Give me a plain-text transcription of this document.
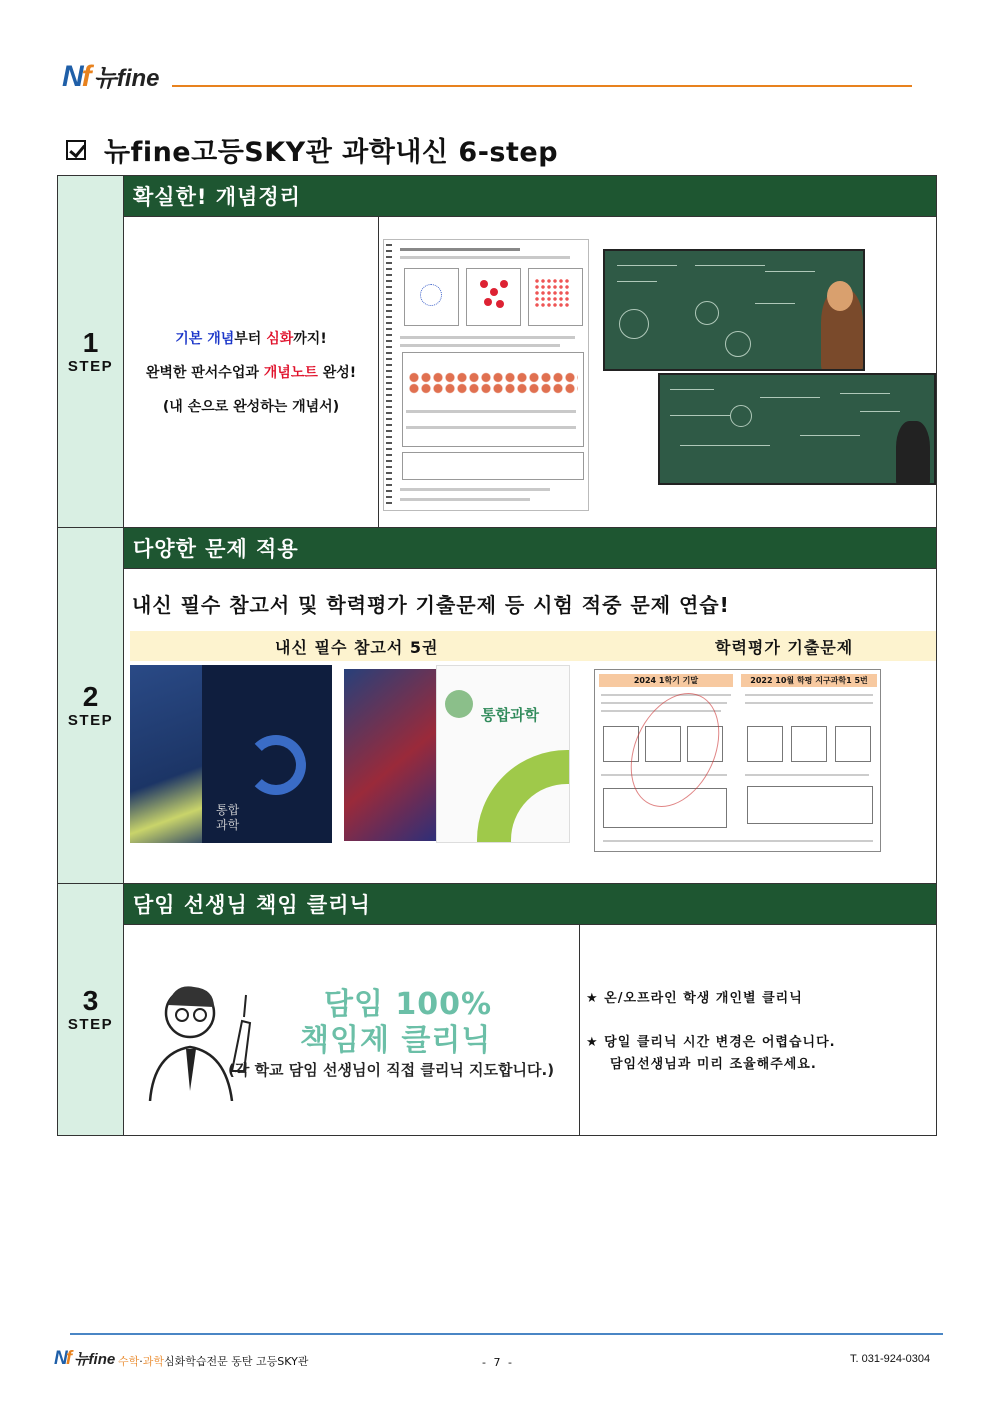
N f 뉴fine
뉴fine고등SKY관 과학내신 6-step
1
STEP
확실한! 개념정리
기본 개념부터 심화까지!
완벽한 판서수업과 개념노트 완성!
(내 손으로 완성하는 개념서)
2
STEP
다양한 문제 적용
내신 필수 참고서 및 학력평가 기출문제 등 시험 적중 문제 연습!
내신 필수 참고서 5권	학력평가 기출문제
통합 과학
통합과학
2024 1학기 기말	2022 10월 학평 지구과학1 5번
3
STEP
담임 선생님 책임 클리닉
담임 100%
책임제 클리닉
(각 학교 담임 선생님이 직접 클리닉 지도합니다.)
★ 온/오프라인 학생 개인별 클리닉
★ 당일 클리닉 시간 변경은 어렵습니다.
담임선생님과 미리 조율해주세요.
N f 뉴fine 수학·과학심화학습전문 동탄 고등SKY관	- 7 -	T. 031-924-0304
